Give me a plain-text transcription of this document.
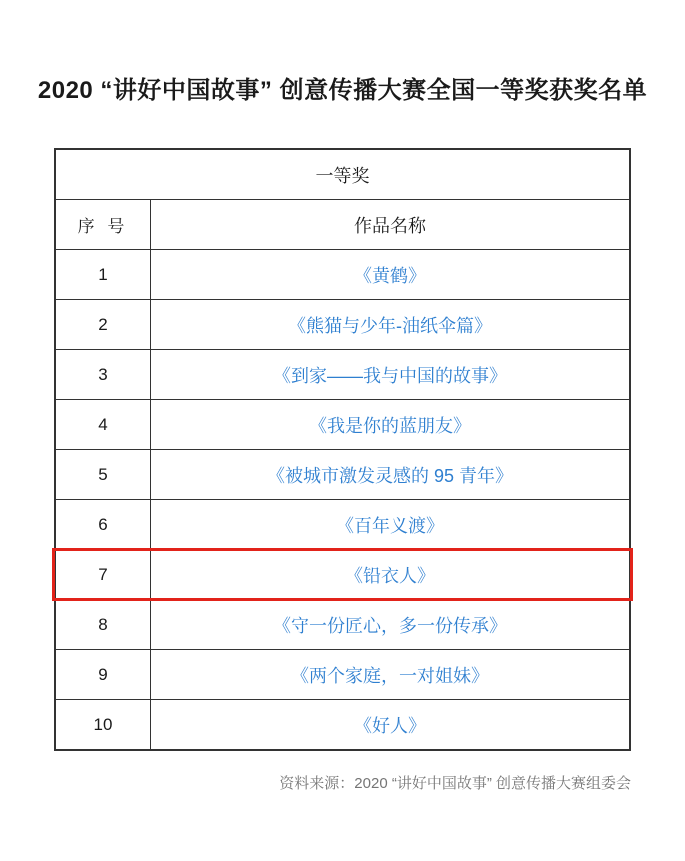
2020 “讲好中国故事” 创意传播大赛全国一等奖获奖名单
一等奖
序 号	作品名称
1	《黄鹤》
2	《熊猫与少年-油纸伞篇》
3	《到家——我与中国的故事》
4	《我是你的蓝朋友》
5	《被城市激发灵感的 95 青年》
6	《百年义渡》
7	《铅衣人》
8	《守一份匠心，多一份传承》
9	《两个家庭，一对姐妹》
10	《好人》
资料来源：2020 “讲好中国故事” 创意传播大赛组委会
